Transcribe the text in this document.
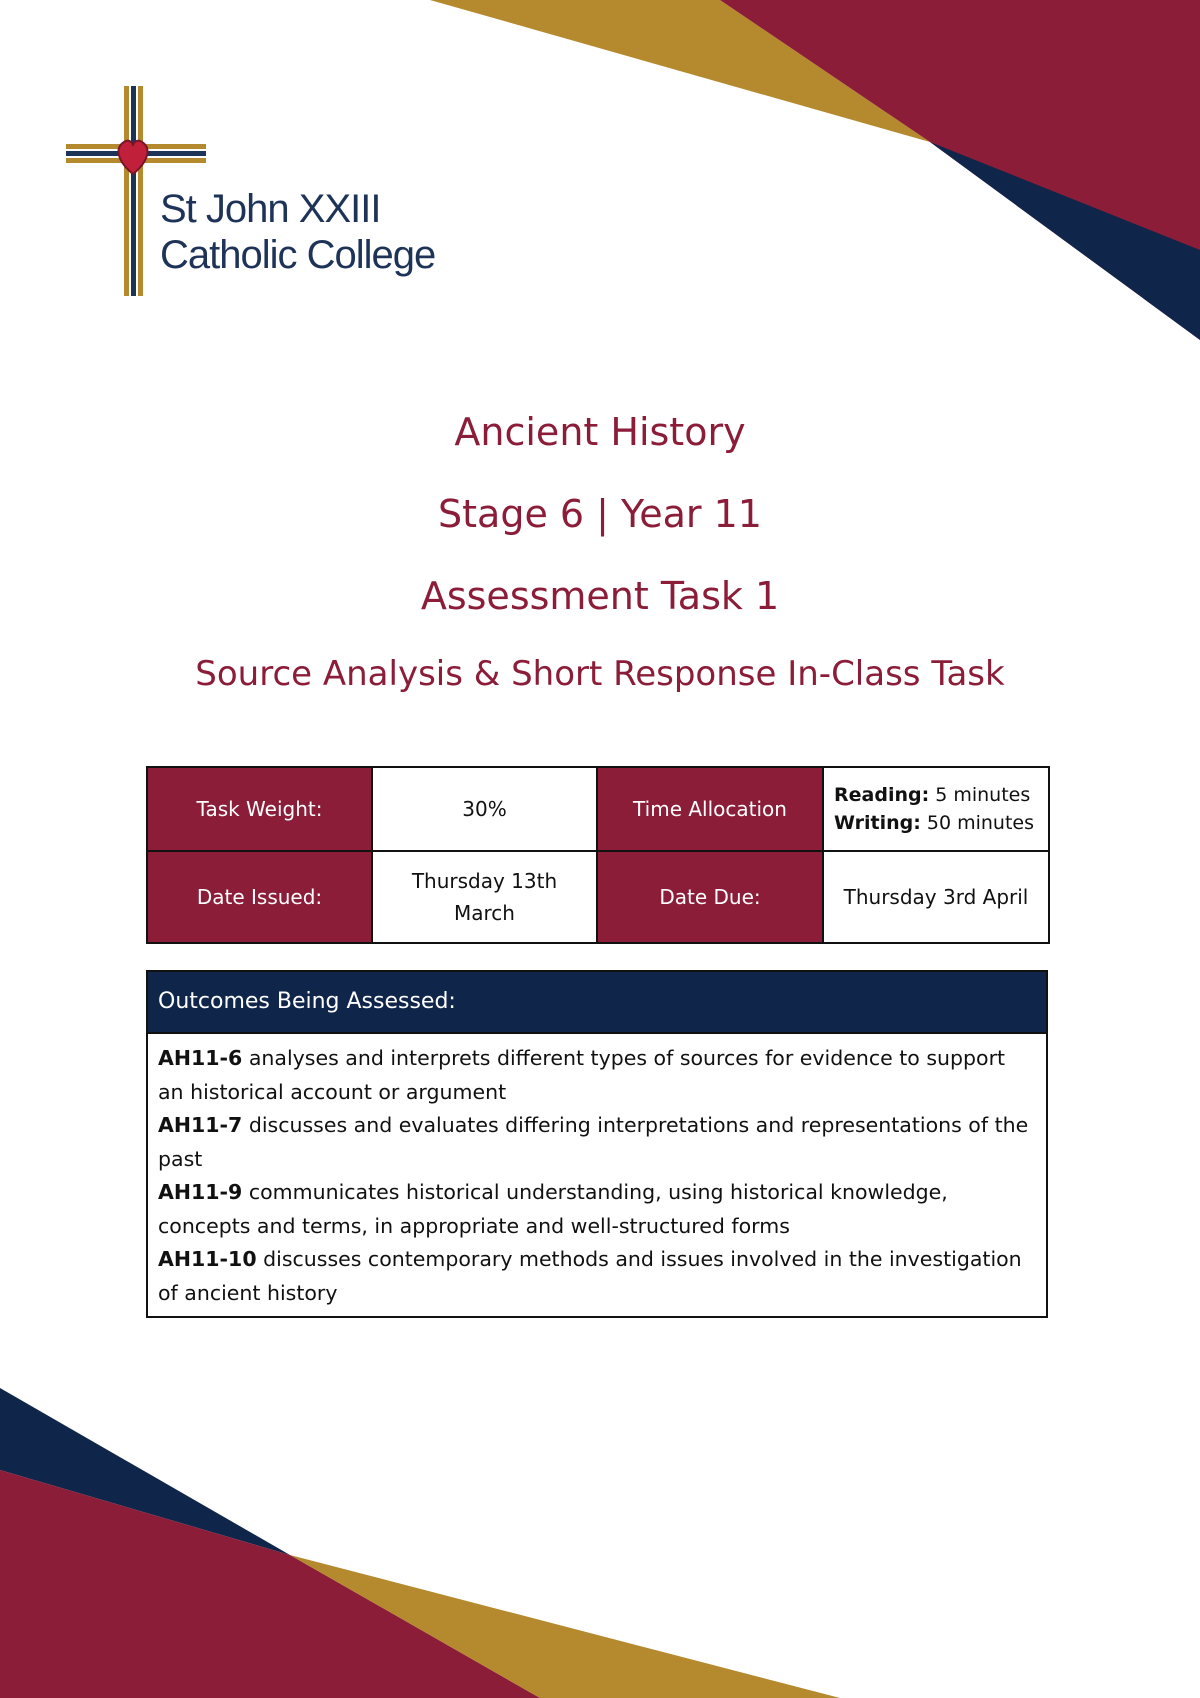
St John XXIII
Catholic College
Ancient History
Stage 6 | Year 11
Assessment Task 1
Source Analysis & Short Response In-Class Task
Task Weight:	30%	Time Allocation	Reading: 5 minutes
Writing: 50 minutes

Date Issued:	Thursday 13th March	Date Due:	Thursday 3rd April
Outcomes Being Assessed:

AH11-6 analyses and interprets different types of sources for evidence to support an historical account or argument

AH11-7 discusses and evaluates differing interpretations and representations of the past

AH11-9 communicates historical understanding, using historical knowledge, concepts and terms, in appropriate and well-structured forms

AH11-10 discusses contemporary methods and issues involved in the investigation of ancient history
